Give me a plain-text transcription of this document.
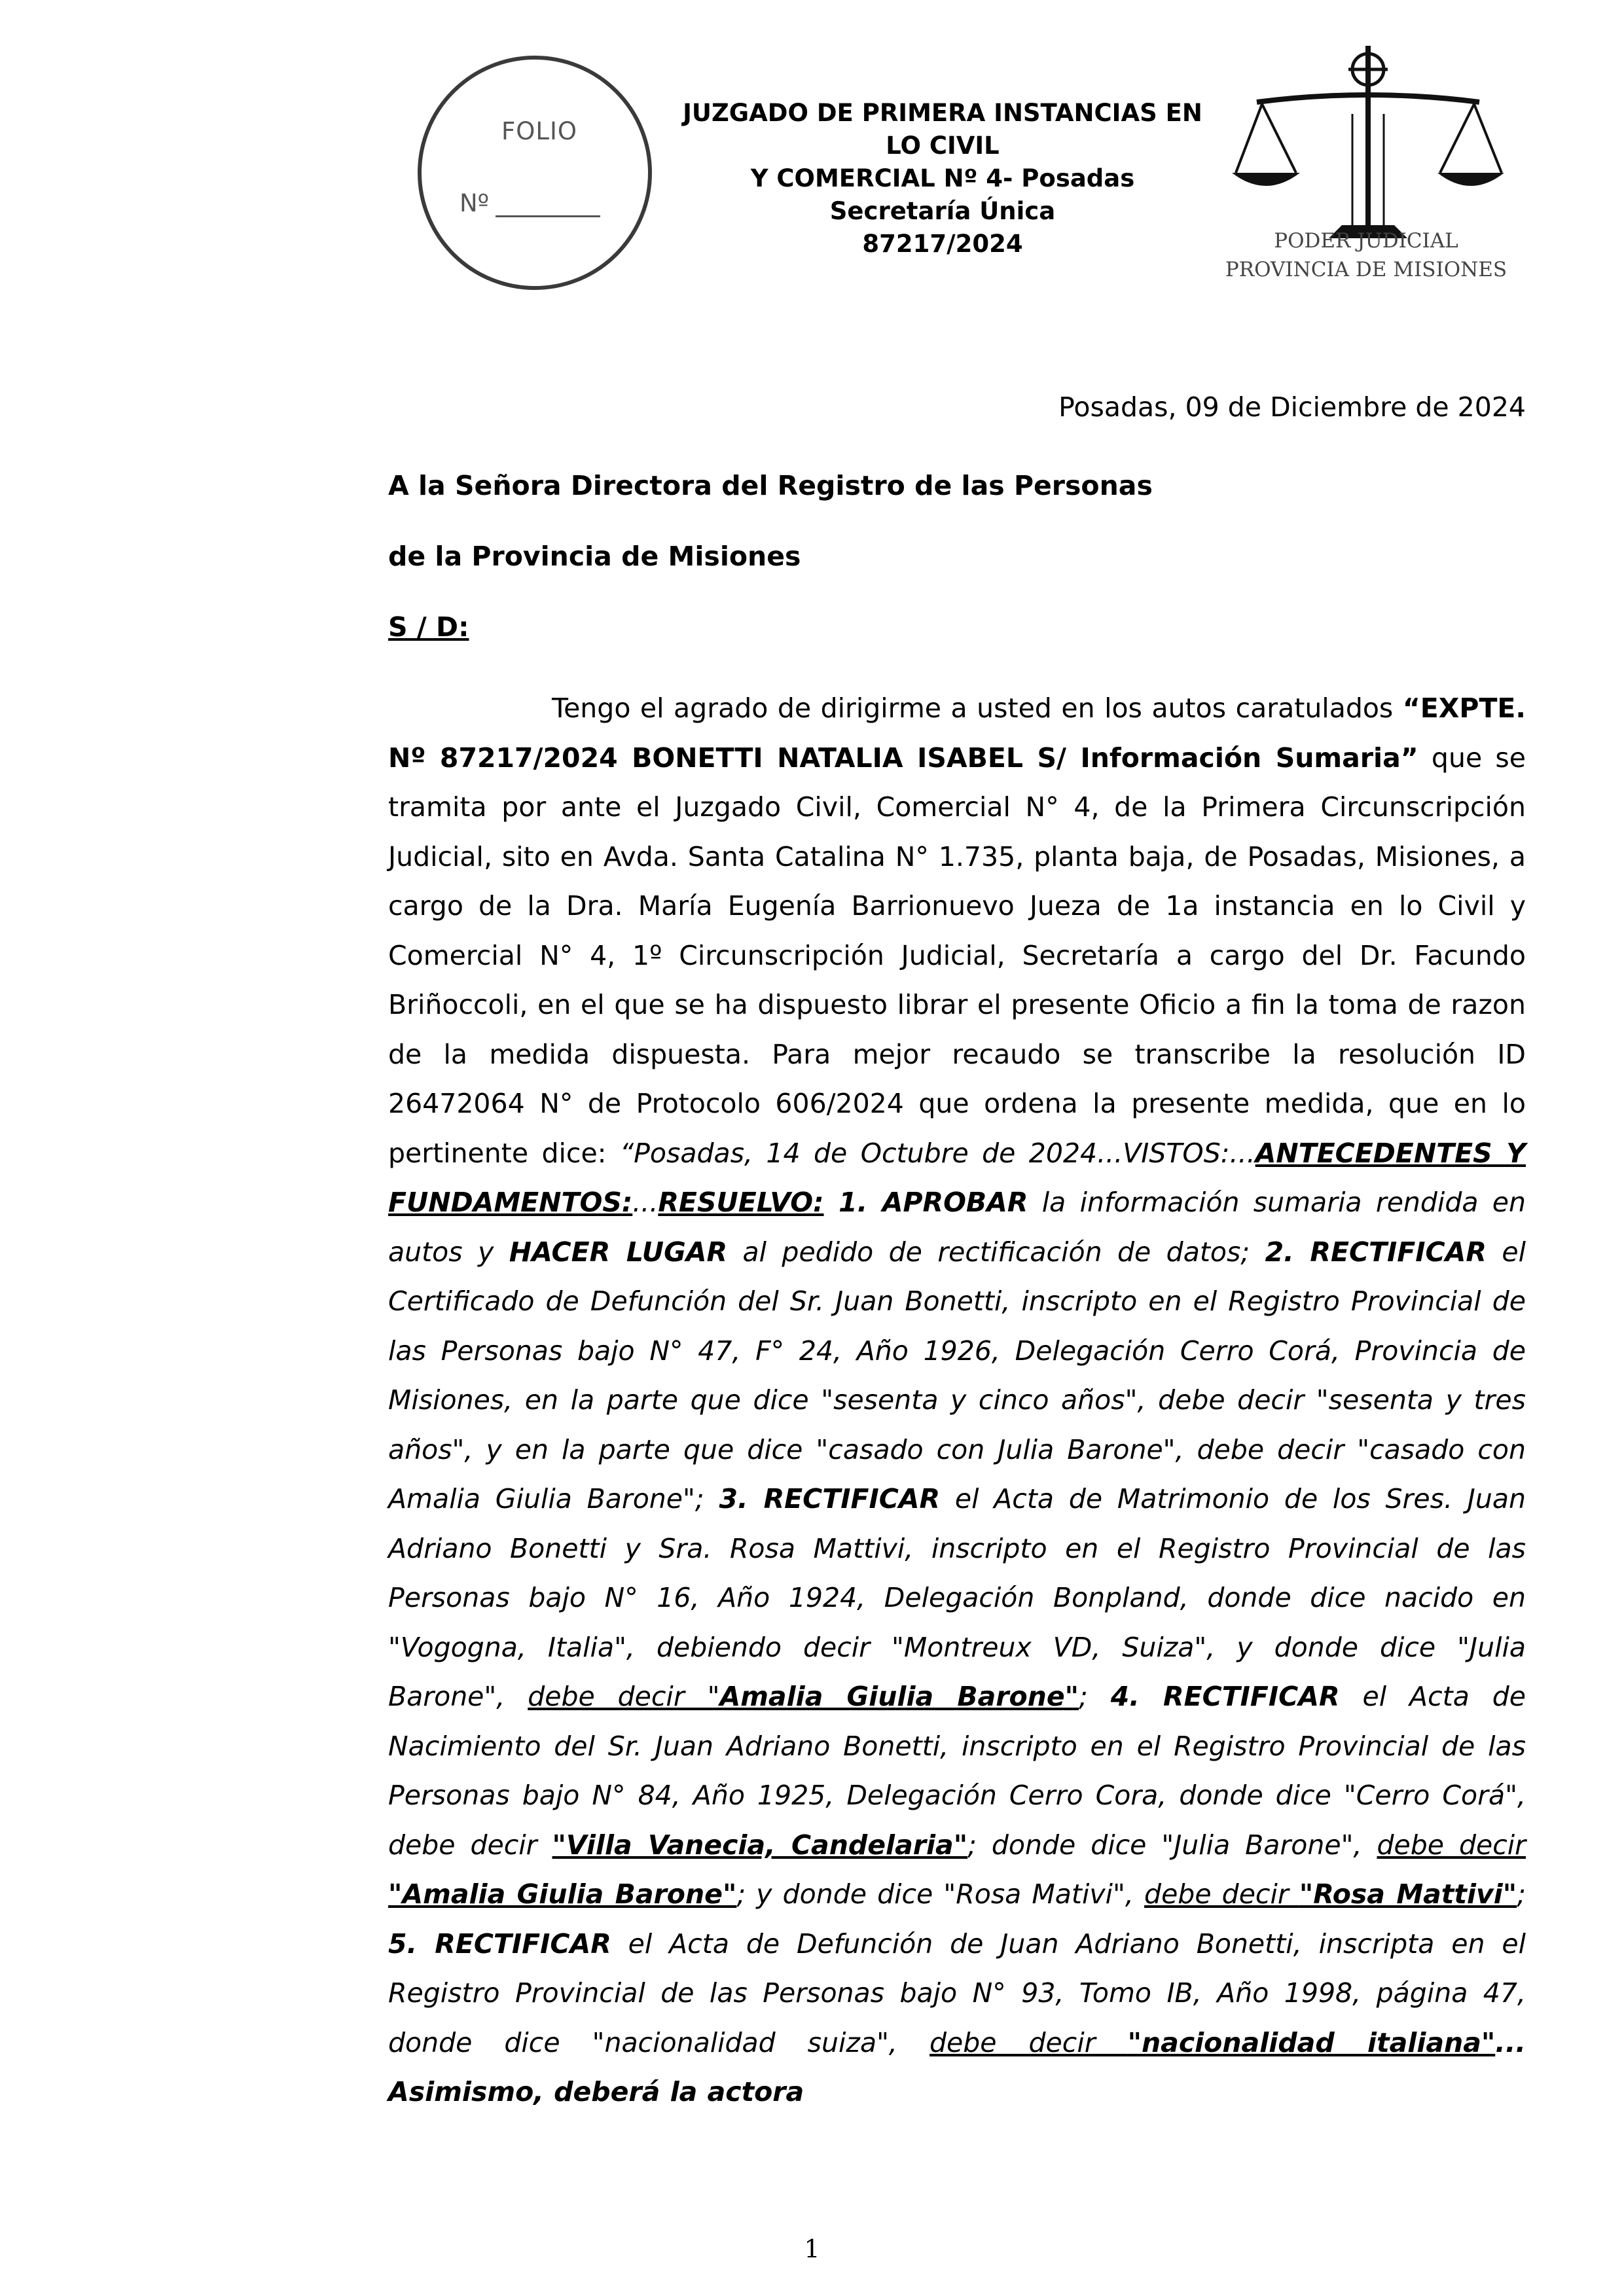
FOLIO
Nº
JUZGADO DE PRIMERA INSTANCIAS EN
LO CIVIL
Y COMERCIAL Nº 4- Posadas
Secretaría Única
87217/2024	PODER JUDICIAL
PROVINCIA DE MISIONES
Posadas, 09 de Diciembre de 2024
A la Señora Directora del Registro de las Personas
de la Provincia de Misiones
S / D:
Tengo el agrado de dirigirme a usted en los autos caratulados “EXPTE. Nº 87217/2024 BONETTI NATALIA ISABEL S/ Información Sumaria” que se tramita por ante el Juzgado Civil, Comercial N° 4, de la Primera Circunscripción Judicial, sito en Avda. Santa Catalina N° 1.735, planta baja, de Posadas, Misiones, a cargo de la Dra. María Eugenía Barrionuevo Jueza de 1a instancia en lo Civil y Comercial N° 4, 1º Circunscripción Judicial, Secretaría a cargo del Dr. Facundo Briñoccoli, en el que se ha dispuesto librar el presente Oficio a fin la toma de razon de la medida dispuesta. Para mejor recaudo se transcribe la resolución ID 26472064 N° de Protocolo 606/2024 que ordena la presente medida, que en lo pertinente dice: “Posadas, 14 de Octubre de 2024...VISTOS:...ANTECEDENTES Y FUNDAMENTOS:...RESUELVO: 1. APROBAR la información sumaria rendida en autos y HACER LUGAR al pedido de rectificación de datos; 2. RECTIFICAR el Certificado de Defunción del Sr. Juan Bonetti, inscripto en el Registro Provincial de las Personas bajo N° 47, F° 24, Año 1926, Delegación Cerro Corá, Provincia de Misiones, en la parte que dice "sesenta y cinco años", debe decir "sesenta y tres años", y en la parte que dice "casado con Julia Barone", debe decir "casado con Amalia Giulia Barone"; 3. RECTIFICAR el Acta de Matrimonio de los Sres. Juan Adriano Bonetti y Sra. Rosa Mattivi, inscripto en el Registro Provincial de las Personas bajo N° 16, Año 1924, Delegación Bonpland, donde dice nacido en "Vogogna, Italia", debiendo decir "Montreux VD, Suiza", y donde dice "Julia Barone", debe decir "Amalia Giulia Barone"; 4. RECTIFICAR el Acta de Nacimiento del Sr. Juan Adriano Bonetti, inscripto en el Registro Provincial de las Personas bajo N° 84, Año 1925, Delegación Cerro Cora, donde dice "Cerro Corá", debe decir "Villa Vanecia, Candelaria"; donde dice "Julia Barone", debe decir "Amalia Giulia Barone"; y donde dice "Rosa Mativi", debe decir "Rosa Mattivi"; 5. RECTIFICAR el Acta de Defunción de Juan Adriano Bonetti, inscripta en el Registro Provincial de las Personas bajo N° 93, Tomo IB, Año 1998, página 47, donde dice "nacionalidad suiza", debe decir "nacionalidad italiana"... Asimismo, deberá la actora
1
